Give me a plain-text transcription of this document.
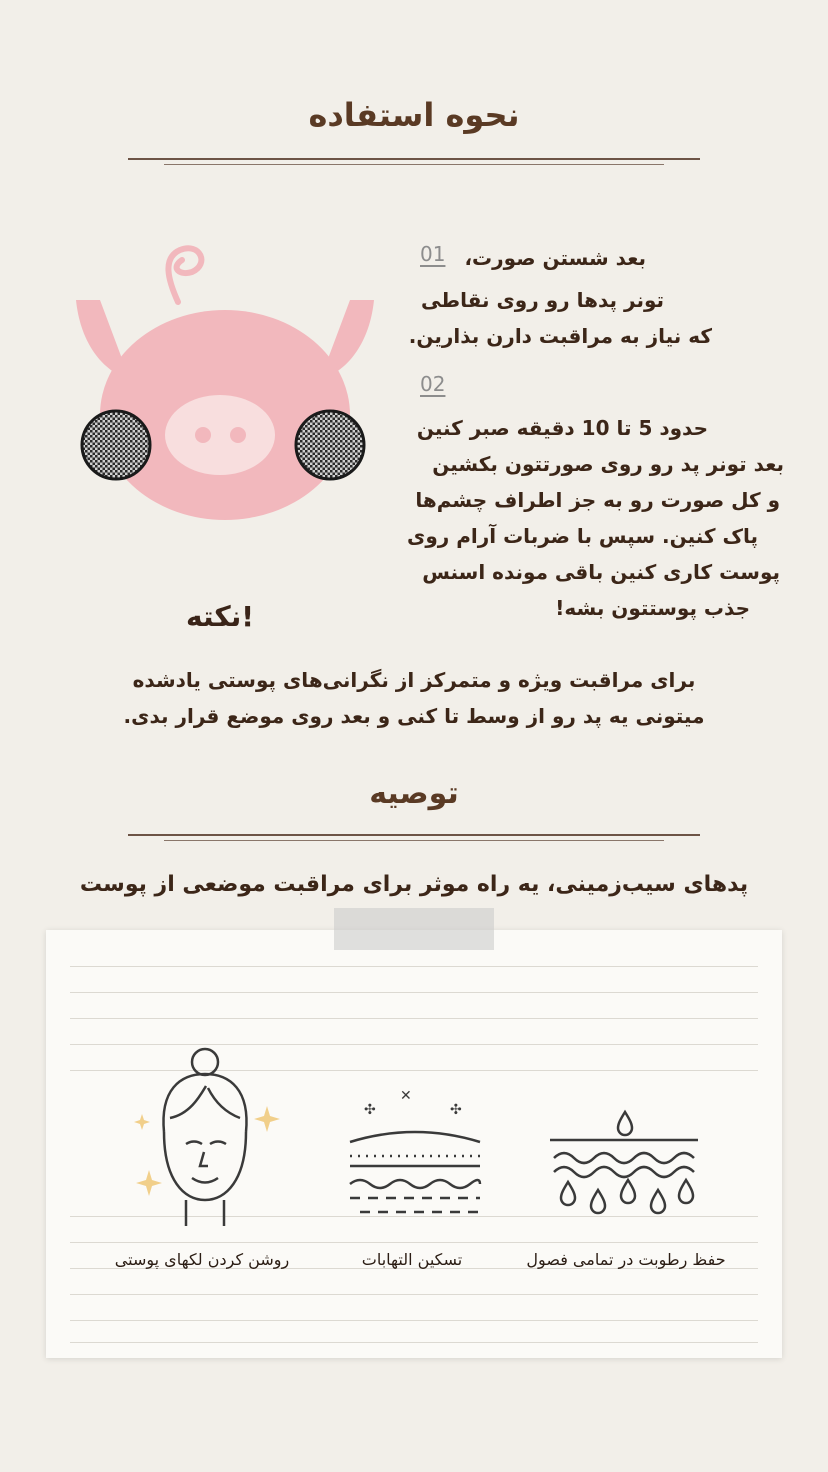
نحوه استفاده
01 بعد شستن صورت،
تونر پدها رو روی نقاطی
که نیاز به مراقبت دارن بذارین.
02
حدود 5 تا 10 دقیقه صبر کنین
بعد تونر پد رو روی صورتتون بکشین
و کل صورت رو به جز اطراف چشم‌ها
پاک کنین. سپس با ضربات آرام روی
پوست کاری کنین باقی مونده اسنس
جذب پوستتون بشه!
نکته!
برای مراقبت ویژه و متمرکز از نگرانی‌های پوستی یادشده
میتونی یه پد رو از وسط تا کنی و بعد روی موضع قرار بدی.
توصیه
پدهای سیب‌زمینی، یه راه موثر برای مراقبت موضعی از پوست
✕
✣	✣
حفظ رطوبت در تمامی فصول
تسکین التهابات
روشن کردن لکهای پوستی
